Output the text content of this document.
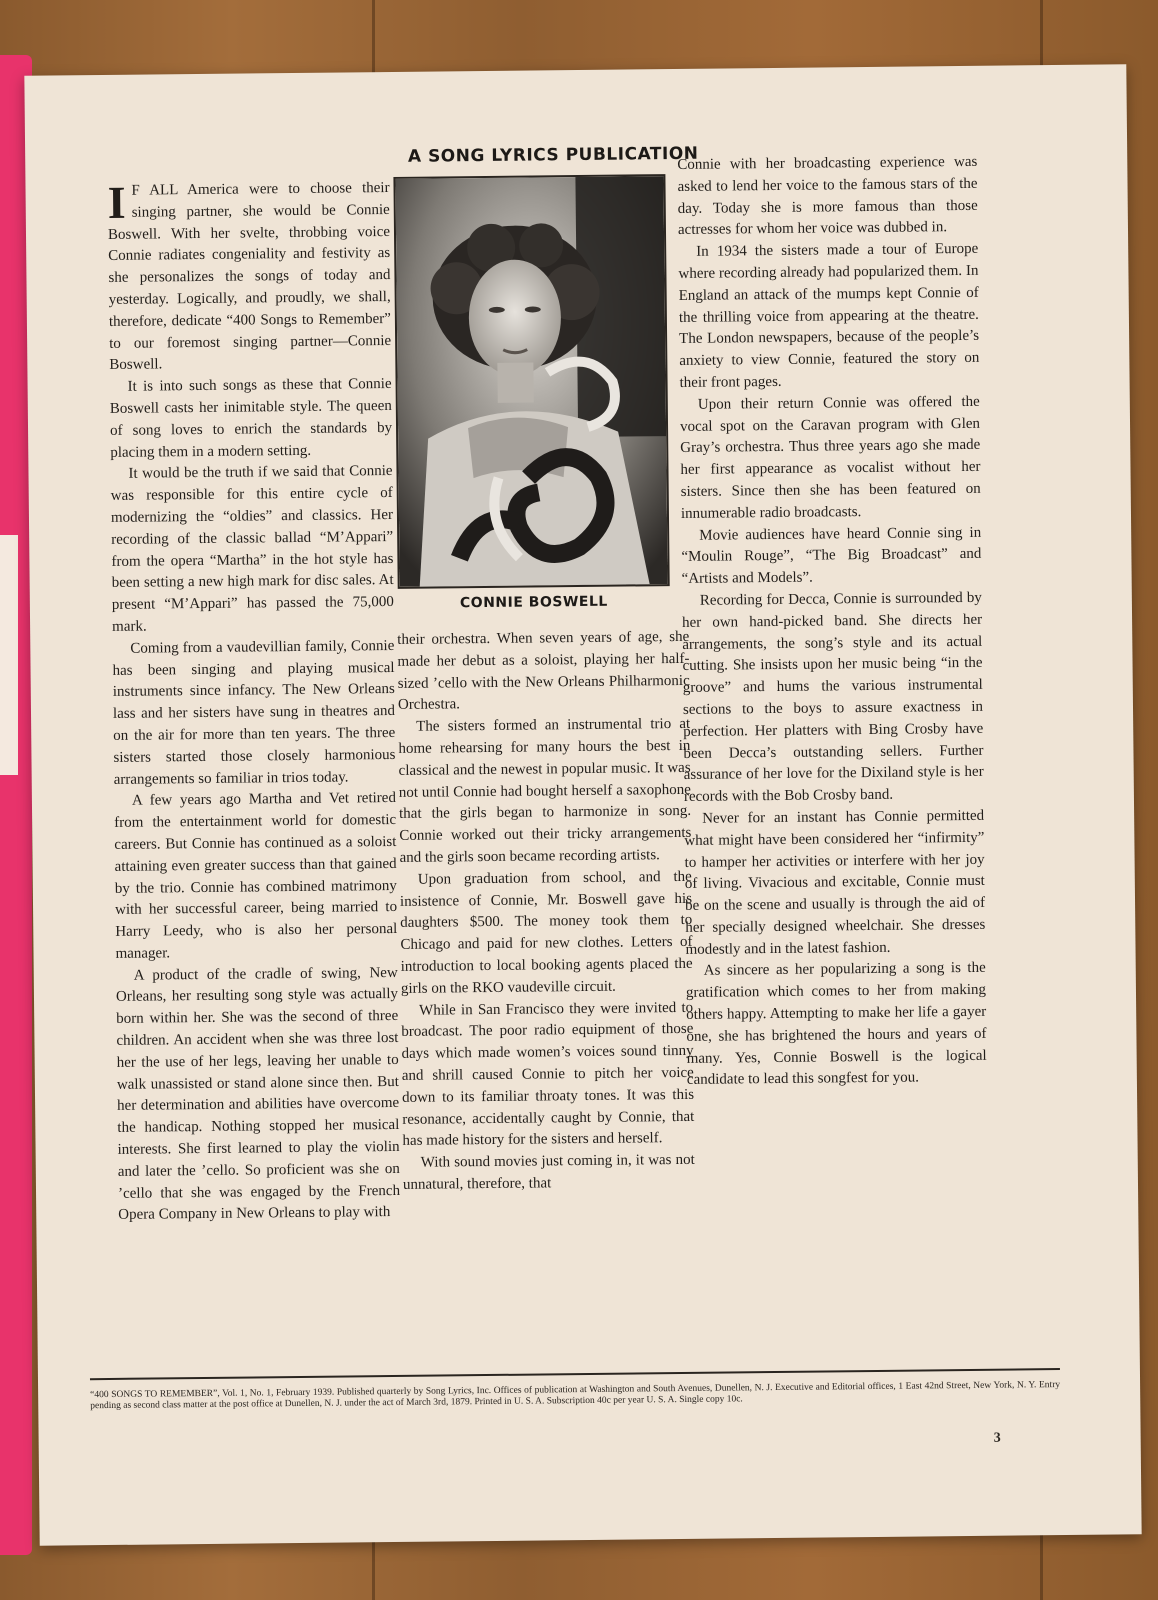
A SONG LYRICS PUBLICATION

I F ALL America were to choose their singing partner, she would be Connie Boswell. With her svelte, throbbing voice Connie radiates congeniality and festivity as she personalizes the songs of today and yesterday. Logically, and proudly, we shall, therefore, dedicate “400 Songs to Remember” to our foremost singing partner—Connie Boswell.

It is into such songs as these that Connie Boswell casts her inimitable style. The queen of song loves to enrich the standards by placing them in a modern setting.

It would be the truth if we said that Connie was responsible for this entire cycle of modernizing the “oldies” and classics. Her recording of the classic ballad “M’Appari” from the opera “Martha” in the hot style has been setting a new high mark for disc sales. At present “M’Appari” has passed the 75,000 mark.

Coming from a vaudevillian family, Connie has been singing and playing musical instruments since infancy. The New Orleans lass and her sisters have sung in theatres and on the air for more than ten years. The three sisters started those closely harmonious arrangements so familiar in trios today.

A few years ago Martha and Vet retired from the entertainment world for domestic careers. But Connie has continued as a soloist attaining even greater success than that gained by the trio. Connie has combined matrimony with her successful career, being married to Harry Leedy, who is also her personal manager.

A product of the cradle of swing, New Orleans, her resulting song style was actually born within her. She was the second of three children. An accident when she was three lost her the use of her legs, leaving her unable to walk unassisted or stand alone since then. But her determination and abilities have overcome the handicap. Nothing stopped her musical interests. She first learned to play the violin and later the ’cello. So proficient was she on ’cello that she was engaged by the French Opera Company in New Orleans to play with

CONNIE BOSWELL

their orchestra. When seven years of age, she made her debut as a soloist, playing her half-sized ’cello with the New Orleans Philharmonic Orchestra.

The sisters formed an instrumental trio at home rehearsing for many hours the best in classical and the newest in popular music. It was not until Connie had bought herself a saxophone that the girls began to harmonize in song. Connie worked out their tricky arrangements and the girls soon became recording artists.

Upon graduation from school, and the insistence of Connie, Mr. Boswell gave his daughters $500. The money took them to Chicago and paid for new clothes. Letters of introduction to local booking agents placed the girls on the RKO vaudeville circuit.

While in San Francisco they were invited to broadcast. The poor radio equipment of those days which made women’s voices sound tinny and shrill caused Connie to pitch her voice down to its familiar throaty tones. It was this resonance, accidentally caught by Connie, that has made history for the sisters and herself.

With sound movies just coming in, it was not unnatural, therefore, that

Connie with her broadcasting experience was asked to lend her voice to the famous stars of the day. Today she is more famous than those actresses for whom her voice was dubbed in.

In 1934 the sisters made a tour of Europe where recording already had popularized them. In England an attack of the mumps kept Connie of the thrilling voice from appearing at the theatre. The London newspapers, because of the people’s anxiety to view Connie, featured the story on their front pages.

Upon their return Connie was offered the vocal spot on the Caravan program with Glen Gray’s orchestra. Thus three years ago she made her first appearance as vocalist without her sisters. Since then she has been featured on innumerable radio broadcasts.

Movie audiences have heard Connie sing in “Moulin Rouge”, “The Big Broadcast” and “Artists and Models”.

Recording for Decca, Connie is surrounded by her own hand-picked band. She directs her arrangements, the song’s style and its actual cutting. She insists upon her music being “in the groove” and hums the various instrumental sections to the boys to assure exactness in perfection. Her platters with Bing Crosby have been Decca’s outstanding sellers. Further assurance of her love for the Dixiland style is her records with the Bob Crosby band.

Never for an instant has Connie permitted what might have been considered her “infirmity” to hamper her activities or interfere with her joy of living. Vivacious and excitable, Connie must be on the scene and usually is through the aid of her specially designed wheelchair. She dresses modestly and in the latest fashion.

As sincere as her popularizing a song is the gratification which comes to her from making others happy. Attempting to make her life a gayer one, she has brightened the hours and years of many. Yes, Connie Boswell is the logical candidate to lead this songfest for you.

“400 SONGS TO REMEMBER”, Vol. 1, No. 1, February 1939. Published quarterly by Song Lyrics, Inc. Offices of publication at Washington and South Avenues, Dunellen, N. J. Executive and Editorial offices, 1 East 42nd Street, New York, N. Y. Entry pending as second class matter at the post office at Dunellen, N. J. under the act of March 3rd, 1879. Printed in U. S. A. Subscription 40c per year U. S. A. Single copy 10c.
3
